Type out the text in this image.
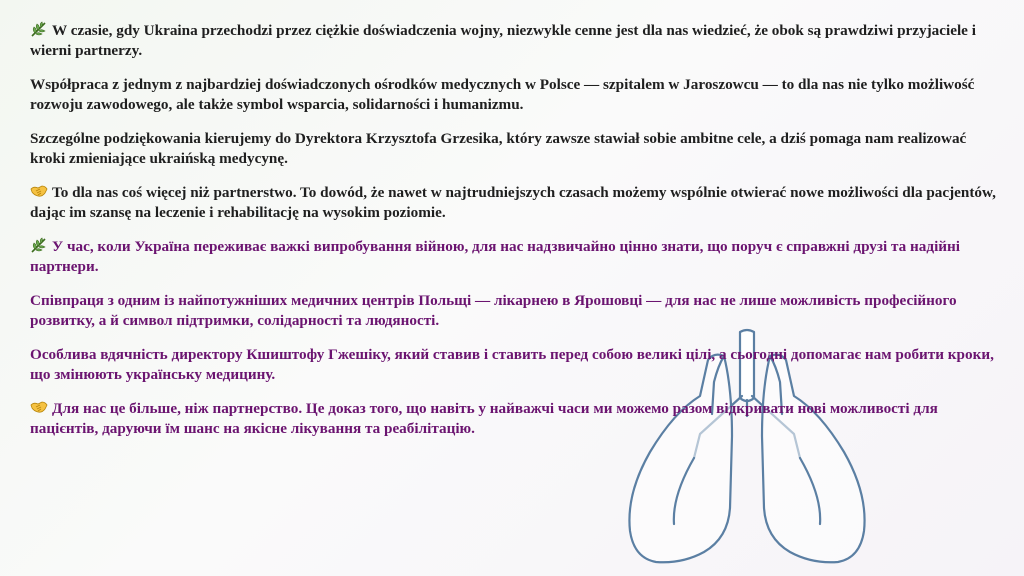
W czasie, gdy Ukraina przechodzi przez ciężkie doświadczenia wojny, niezwykle cenne jest dla nas wiedzieć, że obok są prawdziwi przyjaciele i wierni partnerzy.

Współpraca z jednym z najbardziej doświadczonych ośrodków medycznych w Polsce — szpitalem w Jaroszowcu — to dla nas nie tylko możliwość rozwoju zawodowego, ale także symbol wsparcia, solidarności i humanizmu.

Szczególne podziękowania kierujemy do Dyrektora Krzysztofa Grzesika, który zawsze stawiał sobie ambitne cele, a dziś pomaga nam realizować kroki zmieniające ukraińską medycynę.

To dla nas coś więcej niż partnerstwo. To dowód, że nawet w najtrudniejszych czasach możemy wspólnie otwierać nowe możliwości dla pacjentów, dając im szansę na leczenie i rehabilitację na wysokim poziomie.

У час, коли Україна переживає важкі випробування війною, для нас надзвичайно цінно знати, що поруч є справжні друзі та надійні партнери.

Співпраця з одним із найпотужніших медичних центрів Польщі — лікарнею в Ярошовці — для нас не лише можливість професійного розвитку, а й символ підтримки, солідарності та людяності.

Особлива вдячність директору Кшиштофу Гжешіку, який ставив і ставить перед собою великі цілі, а сьогодні допомагає нам робити кроки, що змінюють українську медицину.

Для нас це більше, ніж партнерство. Це доказ того, що навіть у найважчі часи ми можемо разом відкривати нові можливості для пацієнтів, даруючи їм шанс на якісне лікування та реабілітацію.
